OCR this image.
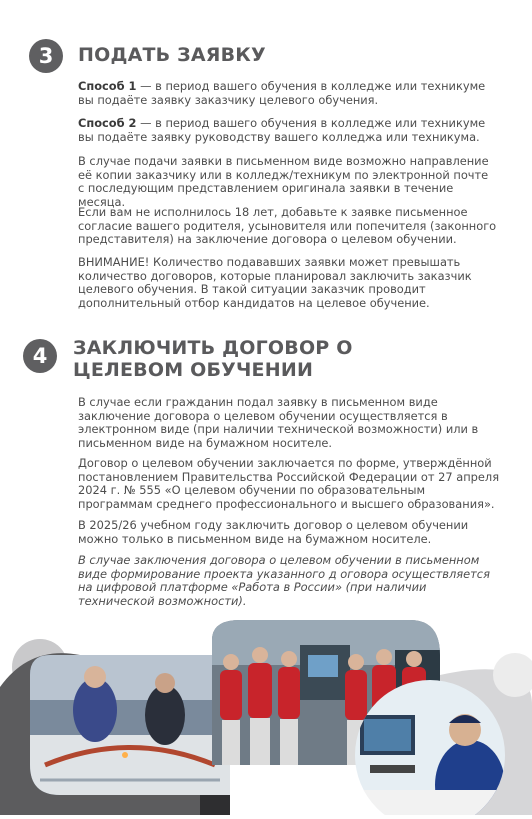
3	ПОДАТЬ ЗАЯВКУ

Способ 1 — в период вашего обучения в колледже или техникуме вы подаёте заявку заказчику целевого обучения.

Способ 2 — в период вашего обучения в колледже или техникуме вы подаёте заявку руководству вашего колледжа или техникума.

В случае подачи заявки в письменном виде возможно направление её копии заказчику или в колледж/техникум по электронной почте с последующим представлением оригинала заявки в течение месяца.

Если вам не исполнилось 18 лет, добавьте к заявке письменное согласие вашего родителя, усыновителя или попечителя (законного представителя) на заключение договора о целевом обучении.

ВНИМАНИЕ! Количество подававших заявки может превышать количество договоров, которые планировал заключить заказчик целевого обучения. В такой ситуации заказчик проводит дополнительный отбор кандидатов на целевое обучение.

4	ЗАКЛЮЧИТЬ ДОГОВОР О ЦЕЛЕВОМ ОБУЧЕНИИ

В случае если гражданин подал заявку в письменном виде заключение договора о целевом обучении осуществляется в электронном виде (при наличии технической возможности) или в письменном виде на бумажном носителе.

Договор о целевом обучении заключается по форме, утверждённой постановлением Правительства Российской Федерации от 27 апреля 2024 г. № 555 «О целевом обучении по образовательным программам среднего профессионального и высшего образования».

В 2025/26 учебном году заключить договор о целевом обучении можно только в письменном виде на бумажном носителе.

В случае заключения договора о целевом обучении в письменном виде формирование проекта указанного д оговора осуществляется на цифровой платформе «Работа в России» (при наличии технической возможности).
